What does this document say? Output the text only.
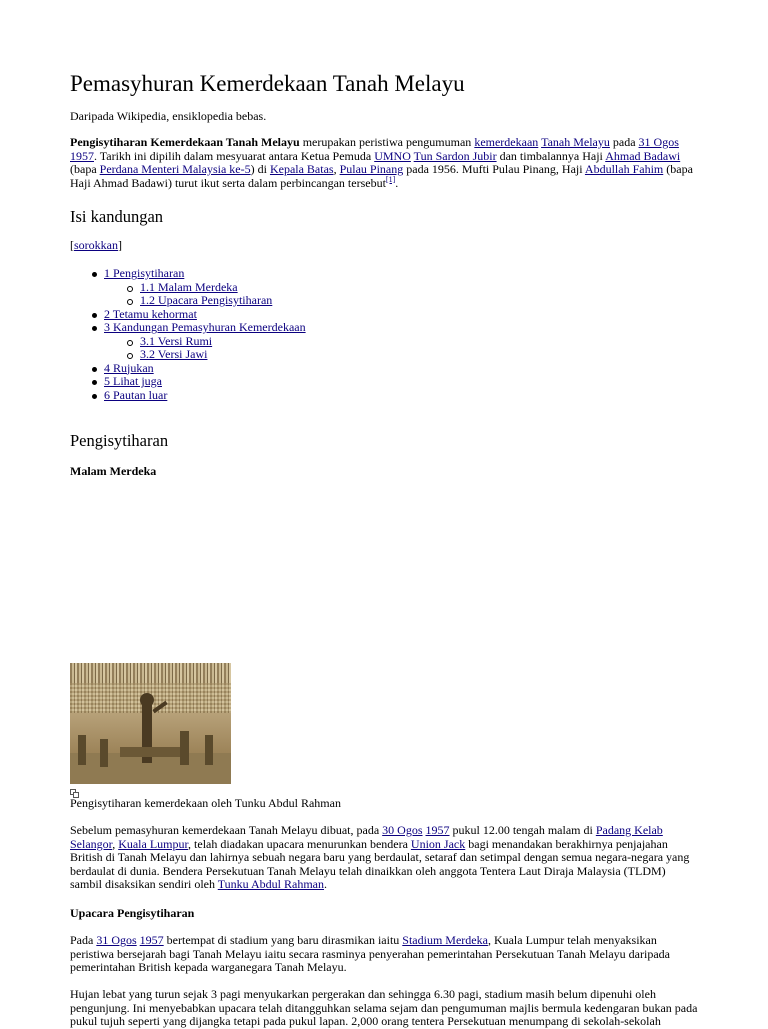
Pemasyhuran Kemerdekaan Tanah Melayu

Daripada Wikipedia, ensiklopedia bebas.

Pengisytiharan Kemerdekaan Tanah Melayu merupakan peristiwa pengumuman kemerdekaan Tanah Melayu pada 31 Ogos 1957. Tarikh ini dipilih dalam mesyuarat antara Ketua Pemuda UMNO Tun Sardon Jubir dan timbalannya Haji Ahmad Badawi (bapa Perdana Menteri Malaysia ke-5) di Kepala Batas, Pulau Pinang pada 1956. Mufti Pulau Pinang, Haji Abdullah Fahim (bapa Haji Ahmad Badawi) turut ikut serta dalam perbincangan tersebut[1].

Isi kandungan

[sorokkan]

1 Pengisytiharan
1.1 Malam Merdeka
1.2 Upacara Pengisytiharan
2 Tetamu kehormat
3 Kandungan Pemasyhuran Kemerdekaan
3.1 Versi Rumi
3.2 Versi Jawi
4 Rujukan
5 Lihat juga
6 Pautan luar
Pengisytiharan
Malam Merdeka

Pengisytiharan kemerdekaan oleh Tunku Abdul Rahman

Sebelum pemasyhuran kemerdekaan Tanah Melayu dibuat, pada 30 Ogos 1957 pukul 12.00 tengah malam di Padang Kelab Selangor, Kuala Lumpur, telah diadakan upacara menurunkan bendera Union Jack bagi menandakan berakhirnya penjajahan British di Tanah Melayu dan lahirnya sebuah negara baru yang berdaulat, setaraf dan setimpal dengan semua negara-negara yang berdaulat di dunia. Bendera Persekutuan Tanah Melayu telah dinaikkan oleh anggota Tentera Laut Diraja Malaysia (TLDM) sambil disaksikan sendiri oleh Tunku Abdul Rahman.

Upacara Pengisytiharan

Pada 31 Ogos 1957 bertempat di stadium yang baru dirasmikan iaitu Stadium Merdeka, Kuala Lumpur telah menyaksikan peristiwa bersejarah bagi Tanah Melayu iaitu secara rasminya penyerahan pemerintahan Persekutuan Tanah Melayu daripada pemerintahan British kepada warganegara Tanah Melayu.

Hujan lebat yang turun sejak 3 pagi menyukarkan pergerakan dan sehingga 6.30 pagi, stadium masih belum dipenuhi oleh pengunjung. Ini menyebabkan upacara telah ditangguhkan selama sejam dan pengumuman majlis bermula kedengaran bukan pada pukul tujuh seperti yang dijangka tetapi pada pukul lapan. 2,000 orang tentera Persekutuan menumpang di sekolah-sekolah
